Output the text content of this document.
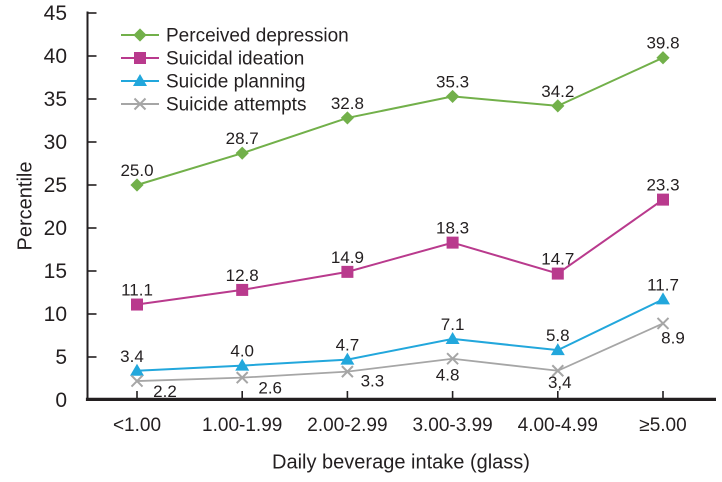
0
5
10
15
20
25
30
35
40
45
<1.00 1.00-1.99 2.00-2.99 3.00-3.99 4.00-4.99 ≥5.00
25.0
28.7
32.8
35.3	34.2
39.8
11.1
12.8
14.9
18.3
14.7
23.3
3.4	4.0	4.7
7.1
5.8
11.7
2.2	2.6	3.3	4.8	3,4
8.9
Perceived depression
Suicidal ideation
Suicide planning
Suicide attempts
Percentile
Daily beverage intake (glass)
